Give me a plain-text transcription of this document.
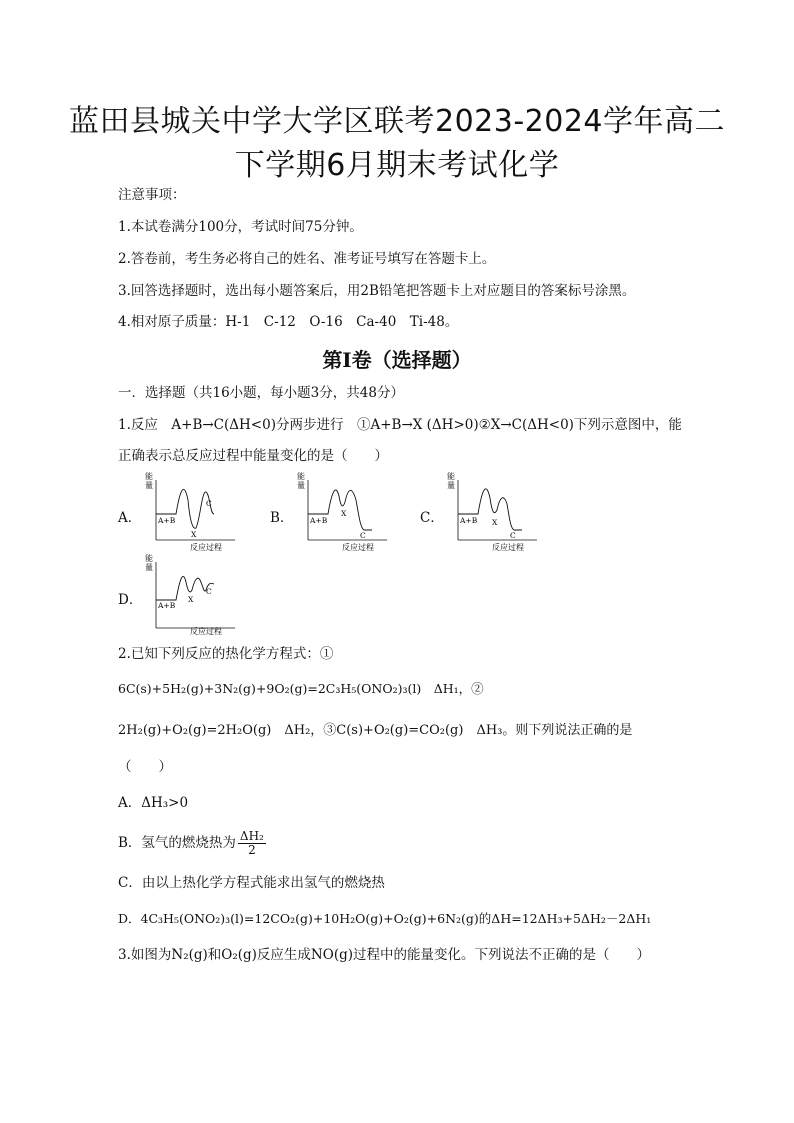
蓝田县城关中学大学区联考2023-2024学年高二
下学期6月期末考试化学
注意事项：
1.本试卷满分100分，考试时间75分钟。
2.答卷前，考生务必将自己的姓名、准考证号填写在答题卡上。
3.回答选择题时，选出每小题答案后，用2B铅笔把答题卡上对应题目的答案标号涂黑。
4.相对原子质量：H-1　C-12　O-16　Ca-40　Ti-48。
第Ⅰ卷（选择题）
一．选择题（共16小题，每小题3分，共48分）
1.反应　A+B→C(ΔH<0)分两步进行　①A+B→X (ΔH>0)②X→C(ΔH<0)下列示意图中，能
正确表示总反应过程中能量变化的是（　　）
A．	B．	C．
D．
能
量
A+B
X
C
反应过程
能
量
A+B
X
C
反应过程
能
量
A+B X
C
反应过程
能
量
A+B
X
C
反应过程
2.已知下列反应的热化学方程式：①
6C(s)+5H₂(g)+3N₂(g)+9O₂(g)=2C₃H₅(ONO₂)₃(l)　ΔH₁，②
2H₂(g)+O₂(g)=2H₂O(g)　ΔH₂，③C(s)+O₂(g)=CO₂(g)　ΔH₃。则下列说法正确的是
（　　）
A．ΔH₃>0
B．氢气的燃烧热为 $\frac{\text{ΔH₂}}{2}$
C．由以上热化学方程式能求出氢气的燃烧热
D．4C₃H₅(ONO₂)₃(l)=12CO₂(g)+10H₂O(g)+O₂(g)+6N₂(g)的ΔH=12ΔH₃+5ΔH₂－2ΔH₁
3.如图为N₂(g)和O₂(g)反应生成NO(g)过程中的能量变化。下列说法不正确的是（　　）
